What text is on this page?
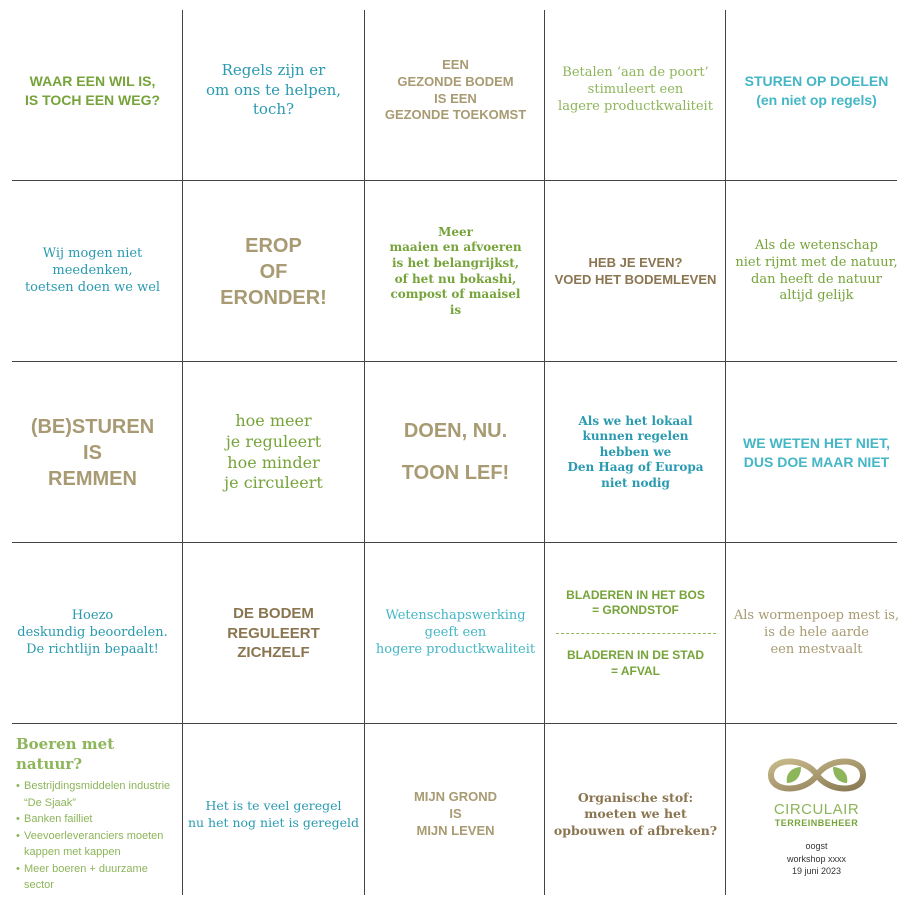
WAAR EEN WIL IS,
IS TOCH EEN WEG?
Regels zijn er
om ons te helpen,
toch?
EEN
GEZONDE BODEM
IS EEN
GEZONDE TOEKOMST
Betalen ‘aan de poort’
stimuleert een
lagere productkwaliteit
STUREN OP DOELEN
(en niet op regels)
Wij mogen niet meedenken,
toetsen doen we wel
EROP
OF
ERONDER!
Meer
maaien en afvoeren
is het belangrijkst,
of het nu bokashi,
compost of maaisel
is
HEB JE EVEN?
VOED HET BODEMLEVEN
Als de wetenschap
niet rijmt met de natuur,
dan heeft de natuur
altijd gelijk
(BE)STUREN
IS
REMMEN
hoe meer
je reguleert
hoe minder
je circuleert
DOEN, NU.

TOON LEF!
Als we het lokaal
kunnen regelen
hebben we
Den Haag of Europa
niet nodig
WE WETEN HET NIET,
DUS DOE MAAR NIET
Hoezo
deskundig beoordelen.
De richtlijn bepaalt!
DE BODEM
REGULEERT
ZICHZELF
Wetenschapswerking
geeft een
hogere productkwaliteit
BLADEREN IN HET BOS
= GRONDSTOF
BLADEREN IN DE STAD
= AFVAL
Als wormenpoep mest is,
is de hele aarde
een mestvaalt
Boeren met natuur?
• Bestrijdingsmiddelen industrie “De Sjaak”
• Banken failliet
• Veevoerleveranciers moeten kappen met kappen
• Meer boeren + duurzame sector
Het is te veel geregel
nu het nog niet is geregeld
MIJN GROND
IS
MIJN LEVEN
Organische stof:
moeten we het
opbouwen of afbreken?
CIRCULAIR
TERREINBEHEER
oogst
workshop xxxx
19 juni 2023
